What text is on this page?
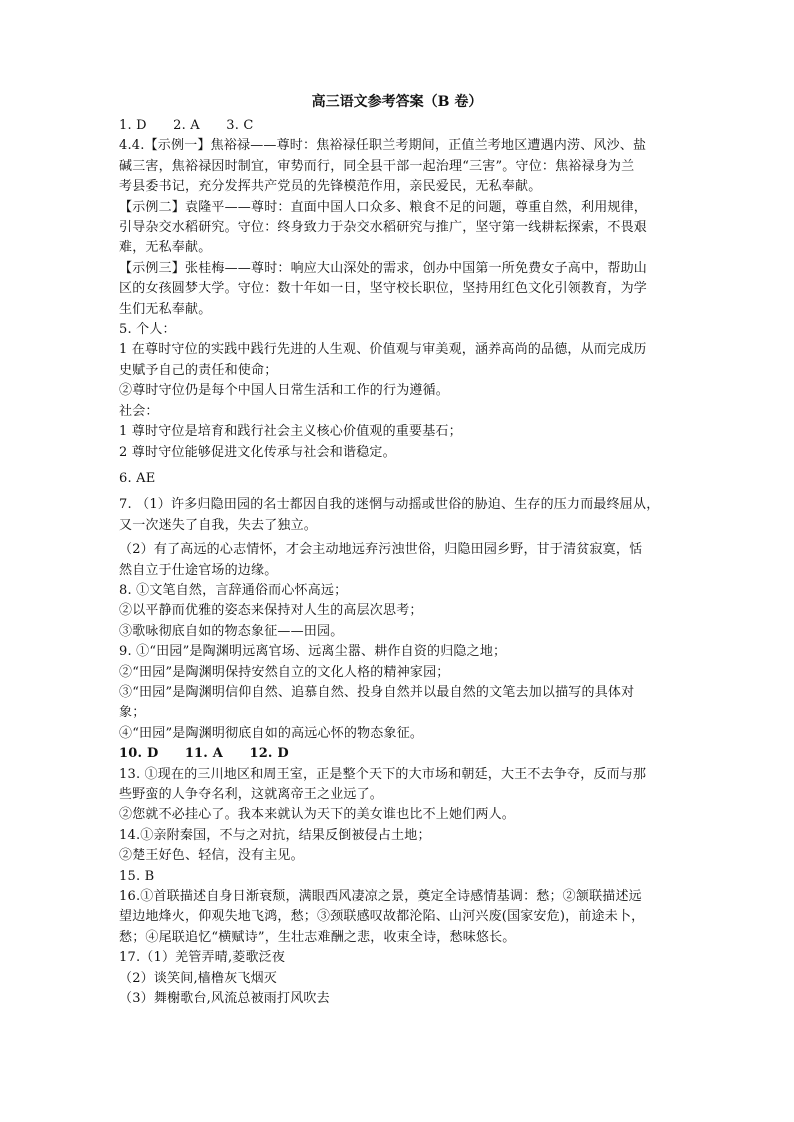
高三语文参考答案（B 卷）
1. D　　2. A　　3. C
4.4.【示例一】焦裕禄——尊时：焦裕禄任职兰考期间，正值兰考地区遭遇内涝、风沙、盐
碱三害，焦裕禄因时制宜，审势而行，同全县干部一起治理“三害”。守位：焦裕禄身为兰
考县委书记，充分发挥共产党员的先锋模范作用，亲民爱民，无私奉献。
【示例二】袁隆平——尊时：直面中国人口众多、粮食不足的问题，尊重自然，利用规律，
引导杂交水稻研究。守位：终身致力于杂交水稻研究与推广，坚守第一线耕耘探索，不畏艰
难，无私奉献。
【示例三】张桂梅——尊时：响应大山深处的需求，创办中国第一所免费女子高中，帮助山
区的女孩圆梦大学。守位：数十年如一日，坚守校长职位，坚持用红色文化引领教育，为学
生们无私奉献。
5. 个人：
1 在尊时守位的实践中践行先进的人生观、价值观与审美观，涵养高尚的品德，从而完成历
史赋予自己的责任和使命；
②尊时守位仍是每个中国人日常生活和工作的行为遵循。
社会：
1 尊时守位是培育和践行社会主义核心价值观的重要基石；
2 尊时守位能够促进文化传承与社会和谐稳定。
6. AE
7. （1）许多归隐田园的名士都因自我的迷惘与动摇或世俗的胁迫、生存的压力而最终屈从，
又一次迷失了自我，失去了独立。
（2）有了高远的心志情怀，才会主动地远弃污浊世俗，归隐田园乡野，甘于清贫寂寞，恬
然自立于仕途官场的边缘。
8. ①文笔自然，言辞通俗而心怀高远；
②以平静而优雅的姿态来保持对人生的高层次思考；
③歌咏彻底自如的物态象征——田园。
9. ①“田园”是陶渊明远离官场、远离尘嚣、耕作自资的归隐之地；
②“田园”是陶渊明保持安然自立的文化人格的精神家园；
③“田园”是陶渊明信仰自然、追慕自然、投身自然并以最自然的文笔去加以描写的具体对
象；
④“田园”是陶渊明彻底自如的高远心怀的物态象征。
10. D　　11. A　　12. D
13. ①现在的三川地区和周王室，正是整个天下的大市场和朝廷，大王不去争夺，反而与那
些野蛮的人争夺名利，这就离帝王之业远了。
②您就不必挂心了。我本来就认为天下的美女谁也比不上她们两人。
14.①亲附秦国，不与之对抗，结果反倒被侵占土地；
②楚王好色、轻信，没有主见。
15. B
16.①首联描述自身日渐衰颓，满眼西风凄凉之景，奠定全诗感情基调：愁；②颔联描述远
望边地烽火，仰观失地飞鸿，愁；③颈联感叹故都沦陷、山河兴废(国家安危)，前途未卜，
愁；④尾联追忆“横赋诗”，生壮志难酬之悲，收束全诗，愁味悠长。
17.（1）羌管弄晴,菱歌泛夜
（2）谈笑间,樯橹灰飞烟灭
（3）舞榭歌台,风流总被雨打风吹去
